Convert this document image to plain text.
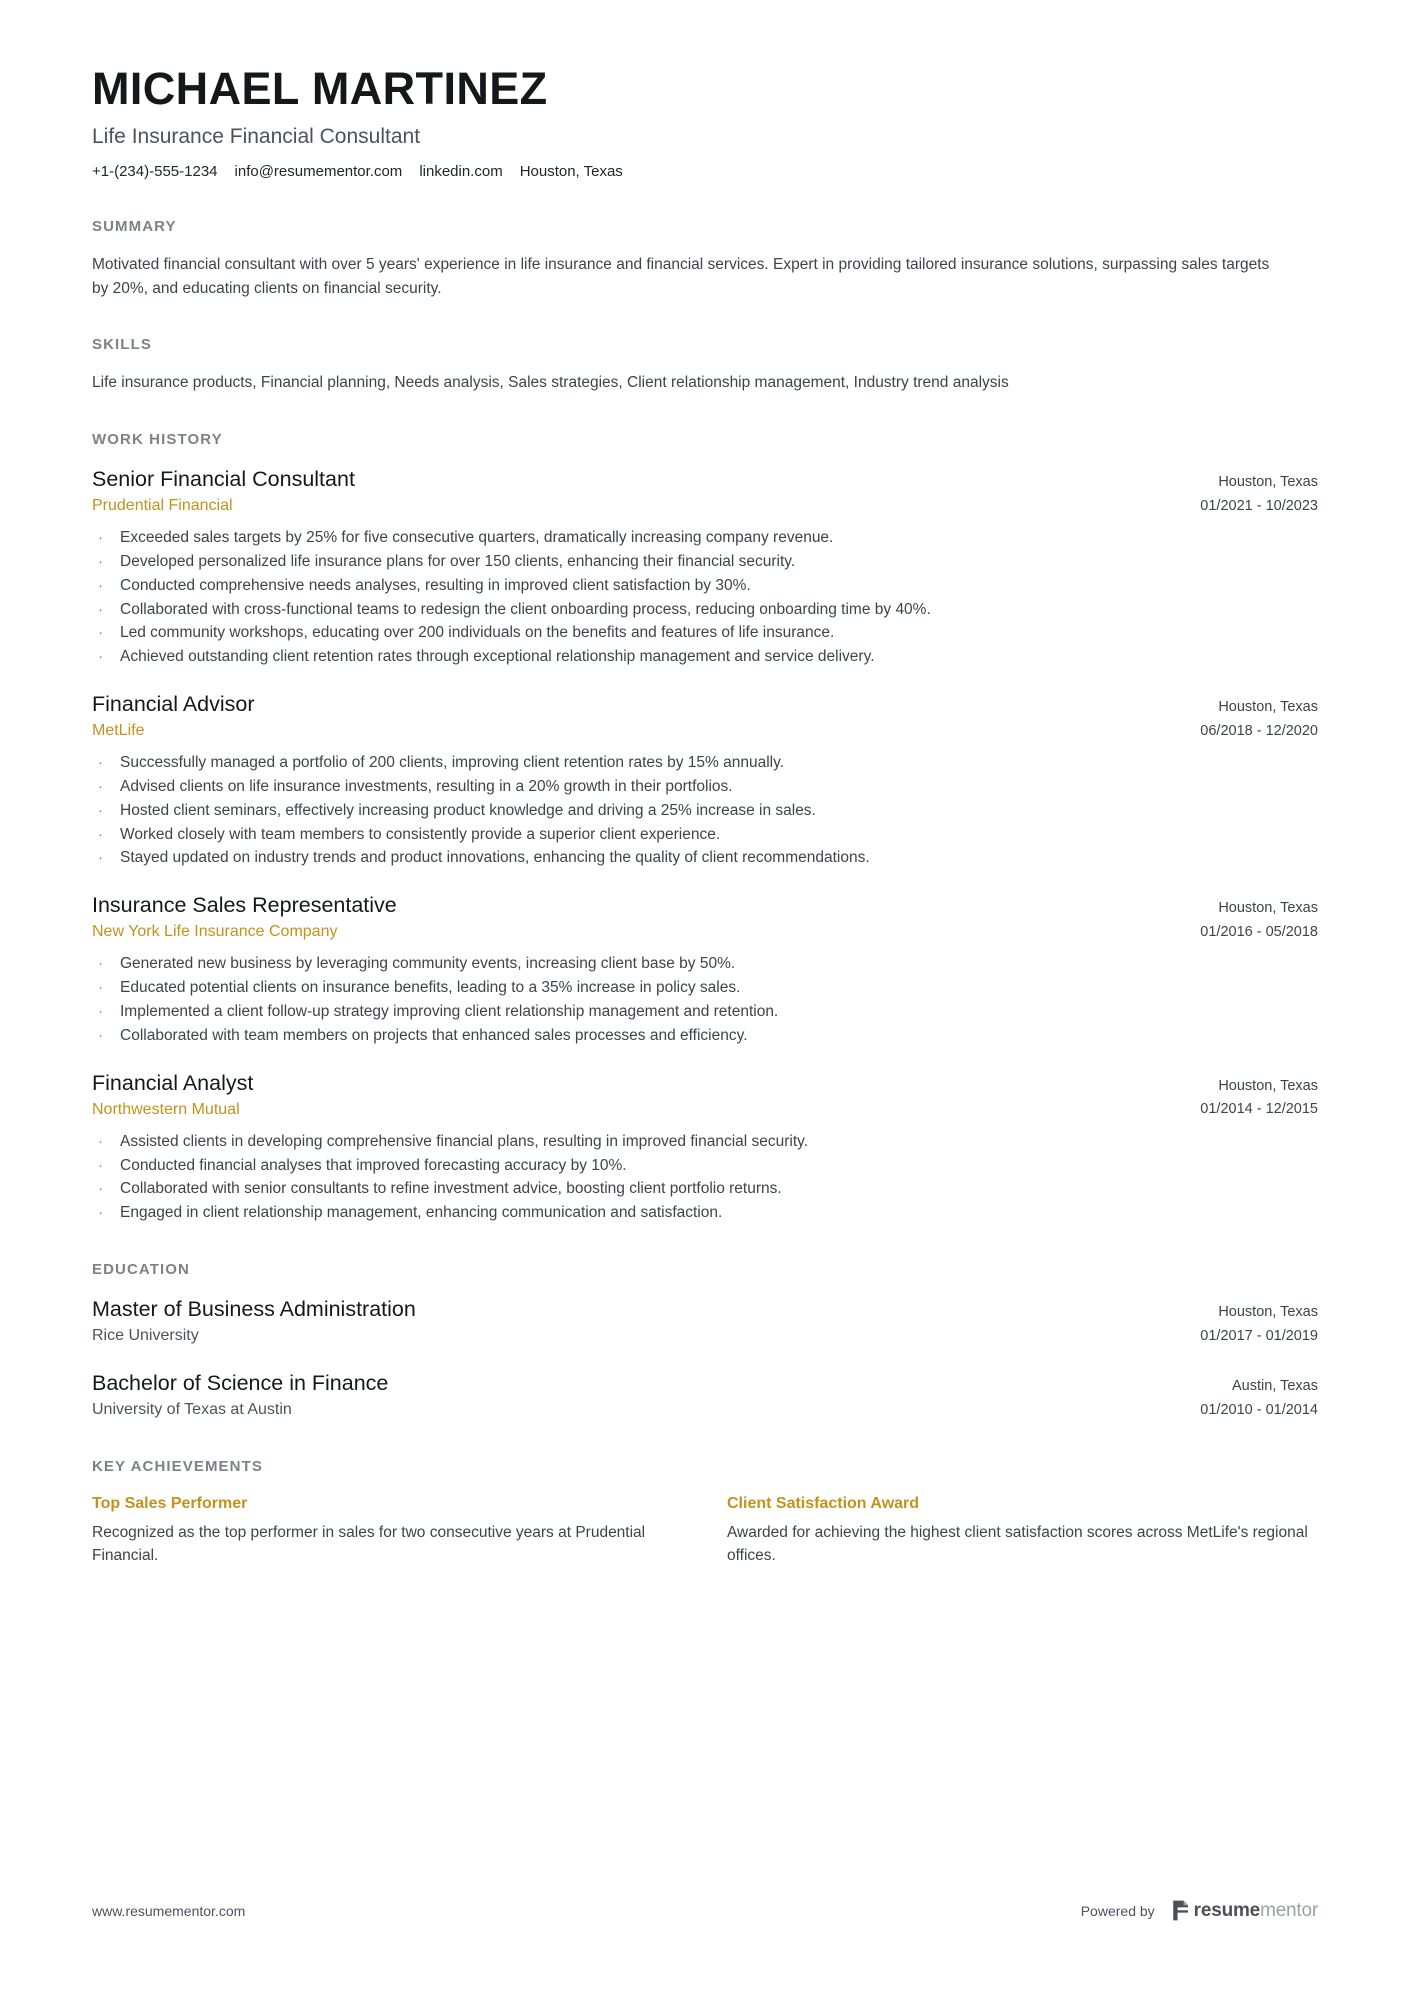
MICHAEL MARTINEZ
Life Insurance Financial Consultant
+1-(234)-555-1234 info@resumementor.com linkedin.com Houston, Texas
SUMMARY
Motivated financial consultant with over 5 years' experience in life insurance and financial services. Expert in providing tailored insurance solutions, surpassing sales targets by 20%, and educating clients on financial security.
SKILLS
Life insurance products, Financial planning, Needs analysis, Sales strategies, Client relationship management, Industry trend analysis
WORK HISTORY
Senior Financial Consultant
Prudential Financial
Houston, Texas
01/2021 - 10/2023
· Exceeded sales targets by 25% for five consecutive quarters, dramatically increasing company revenue.
· Developed personalized life insurance plans for over 150 clients, enhancing their financial security.
· Conducted comprehensive needs analyses, resulting in improved client satisfaction by 30%.
· Collaborated with cross-functional teams to redesign the client onboarding process, reducing onboarding time by 40%.
· Led community workshops, educating over 200 individuals on the benefits and features of life insurance.
· Achieved outstanding client retention rates through exceptional relationship management and service delivery.
Financial Advisor
MetLife
Houston, Texas
06/2018 - 12/2020
· Successfully managed a portfolio of 200 clients, improving client retention rates by 15% annually.
· Advised clients on life insurance investments, resulting in a 20% growth in their portfolios.
· Hosted client seminars, effectively increasing product knowledge and driving a 25% increase in sales.
· Worked closely with team members to consistently provide a superior client experience.
· Stayed updated on industry trends and product innovations, enhancing the quality of client recommendations.
Insurance Sales Representative
New York Life Insurance Company
Houston, Texas
01/2016 - 05/2018
· Generated new business by leveraging community events, increasing client base by 50%.
· Educated potential clients on insurance benefits, leading to a 35% increase in policy sales.
· Implemented a client follow-up strategy improving client relationship management and retention.
· Collaborated with team members on projects that enhanced sales processes and efficiency.
Financial Analyst
Northwestern Mutual
Houston, Texas
01/2014 - 12/2015
· Assisted clients in developing comprehensive financial plans, resulting in improved financial security.
· Conducted financial analyses that improved forecasting accuracy by 10%.
· Collaborated with senior consultants to refine investment advice, boosting client portfolio returns.
· Engaged in client relationship management, enhancing communication and satisfaction.
EDUCATION
Master of Business Administration
Rice University
Houston, Texas
01/2017 - 01/2019
Bachelor of Science in Finance
University of Texas at Austin
Austin, Texas
01/2010 - 01/2014
KEY ACHIEVEMENTS
Top Sales Performer
Recognized as the top performer in sales for two consecutive years at Prudential Financial.
Client Satisfaction Award
Awarded for achieving the highest client satisfaction scores across MetLife's regional offices.
www.resumementor.com	Powered by resumementor
